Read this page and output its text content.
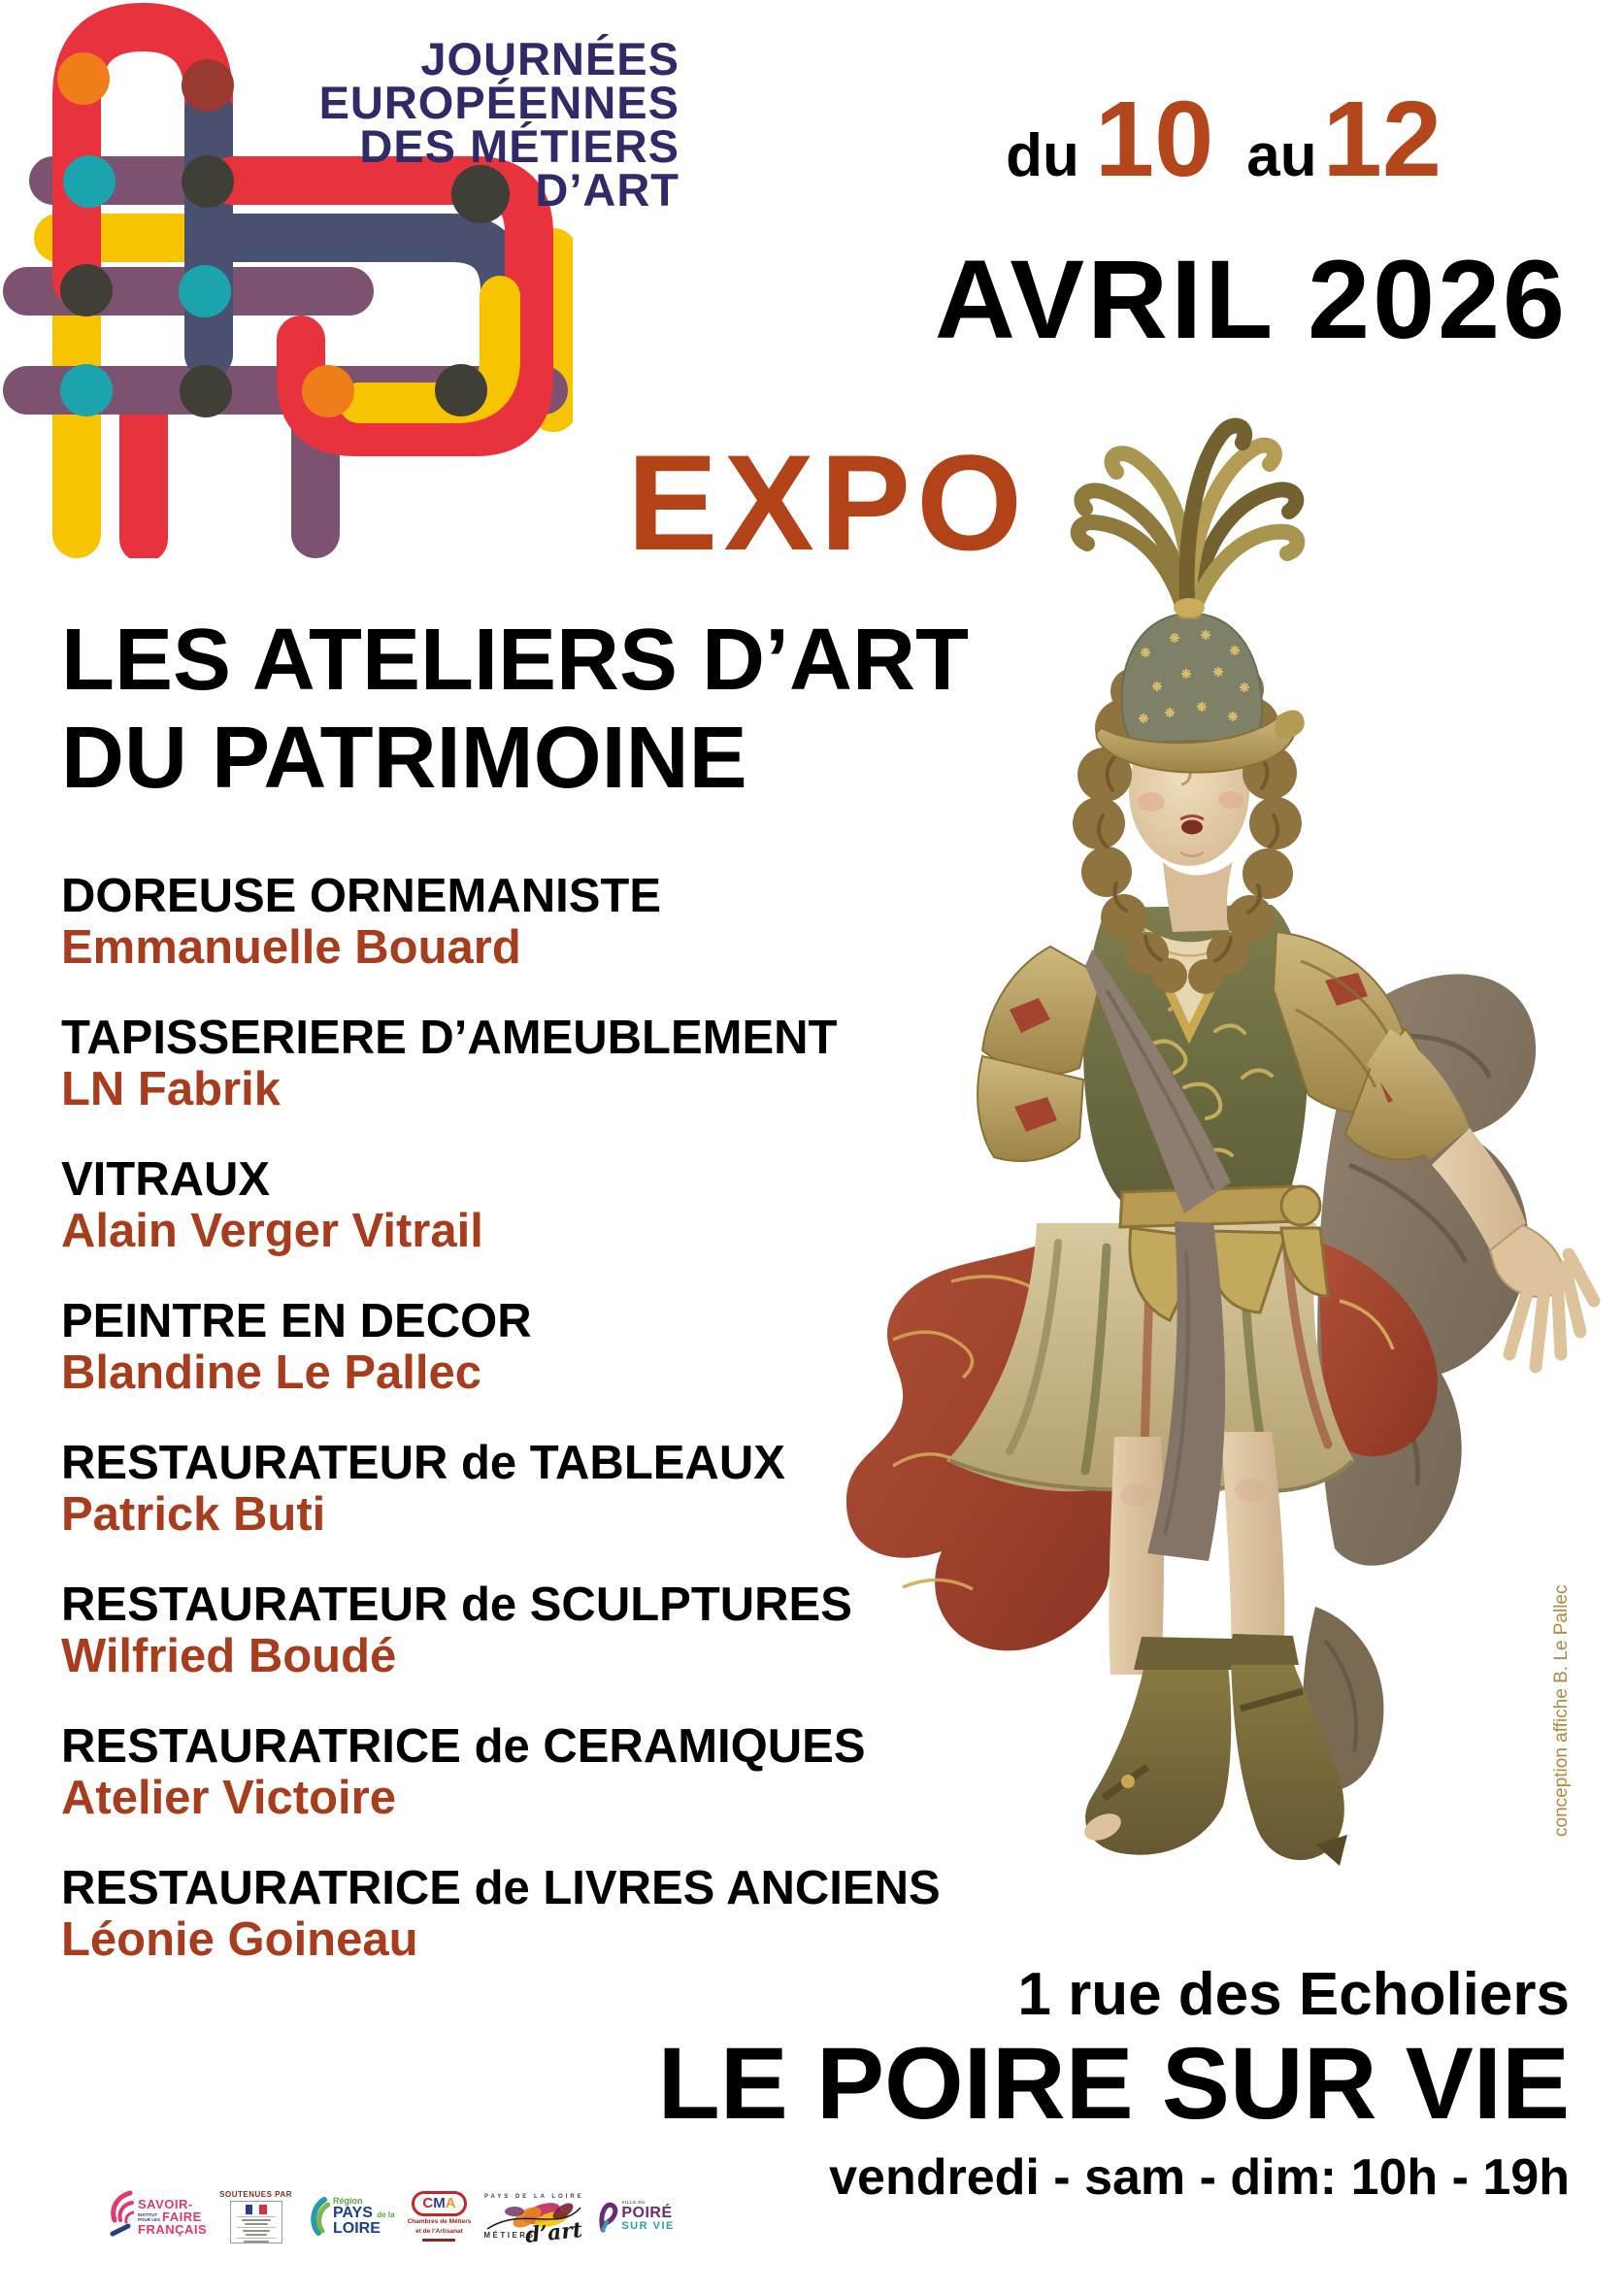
JOURNÉES
EUROPÉENNES
DES MÉTIERS
D’ART
du 10 au 12
AVRIL 2026
EXPO
LES ATELIERS D’ART
DU PATRIMOINE
DOREUSE ORNEMANISTE
Emmanuelle Bouard
TAPISSERIERE D’AMEUBLEMENT
LN Fabrik
VITRAUX
Alain Verger Vitrail
PEINTRE EN DECOR
Blandine Le Pallec
RESTAURATEUR de TABLEAUX
Patrick Buti
RESTAURATEUR de SCULPTURES
Wilfried Boudé
RESTAURATRICE de CERAMIQUES
Atelier Victoire
RESTAURATRICE de LIVRES ANCIENS
Léonie Goineau
conception affiche B. Le Pallec
1 rue des Echoliers
LE POIRE SUR VIE
vendredi - sam - dim: 10h - 19h
SAVOIR-
INSTITUT
POUR LES FAIRE
FRANÇAIS
SOUTENUES PAR
Région
PAYS de la
LOIRE
CMA
Chambres de Métiers
et de l’Artisanat
PAYS DE LA LOIRE
MÉTIERS
d’art
VILLE DU
POIRÉ
SUR VIE
